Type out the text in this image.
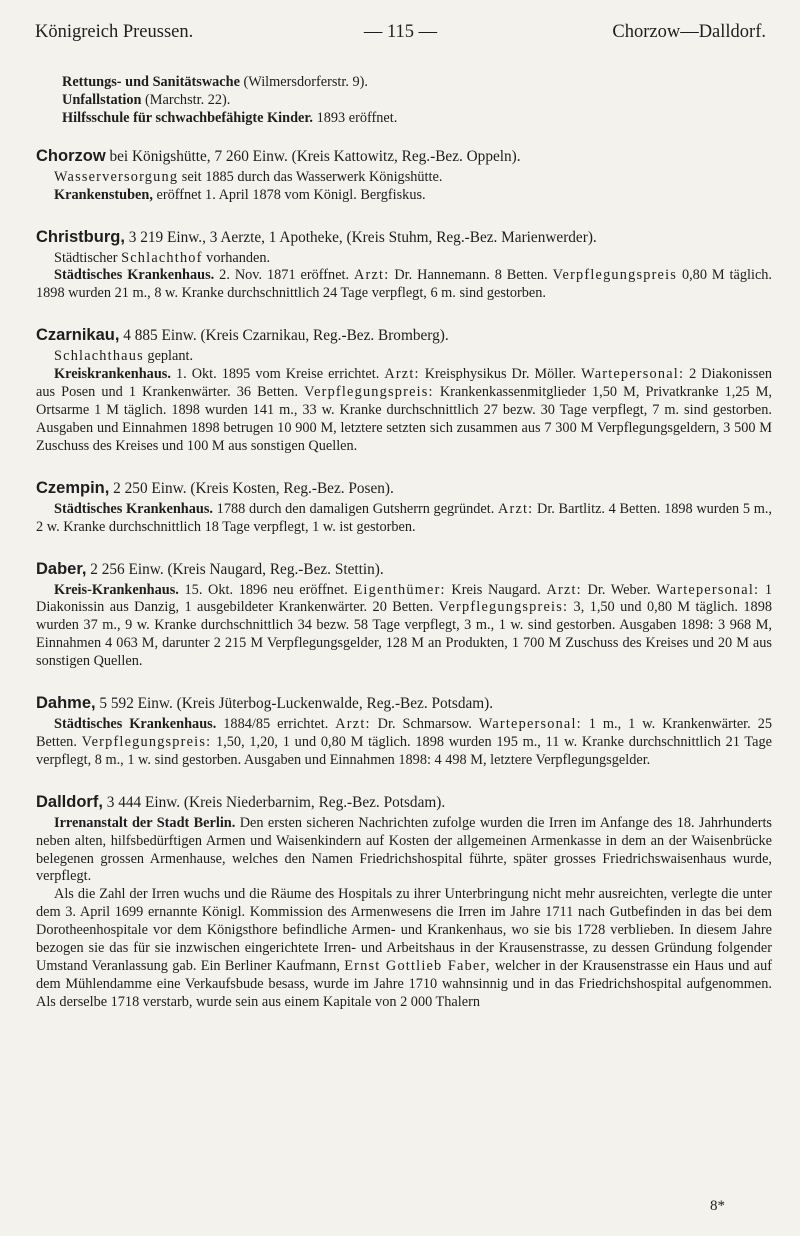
Königreich Preussen.	— 115 —	Chorzow—Dalldorf.

Rettungs- und Sanitätswache (Wilmersdorferstr. 9).

Unfallstation (Marchstr. 22).

Hilfsschule für schwachbefähigte Kinder. 1893 eröffnet.

Chorzow bei Königshütte, 7 260 Einw. (Kreis Kattowitz, Reg.-Bez. Oppeln).

Wasserversorgung seit 1885 durch das Wasserwerk Königshütte.

Krankenstuben, eröffnet 1. April 1878 vom Königl. Bergfiskus.

Christburg, 3 219 Einw., 3 Aerzte, 1 Apotheke, (Kreis Stuhm, Reg.-Bez. Marienwerder).

Städtischer Schlachthof vorhanden.

Städtisches Krankenhaus. 2. Nov. 1871 eröffnet. Arzt: Dr. Hannemann. 8 Betten. Verpflegungspreis 0,80 M täglich. 1898 wurden 21 m., 8 w. Kranke durchschnittlich 24 Tage verpflegt, 6 m. sind gestorben.

Czarnikau, 4 885 Einw. (Kreis Czarnikau, Reg.-Bez. Bromberg).

Schlachthaus geplant.

Kreiskrankenhaus. 1. Okt. 1895 vom Kreise errichtet. Arzt: Kreisphysikus Dr. Möller. Wartepersonal: 2 Diakonissen aus Posen und 1 Krankenwärter. 36 Betten. Verpflegungspreis: Krankenkassenmitglieder 1,50 M, Privatkranke 1,25 M, Ortsarme 1 M täglich. 1898 wurden 141 m., 33 w. Kranke durchschnittlich 27 bezw. 30 Tage verpflegt, 7 m. sind gestorben. Ausgaben und Einnahmen 1898 betrugen 10 900 M, letztere setzten sich zusammen aus 7 300 M Verpflegungsgeldern, 3 500 M Zuschuss des Kreises und 100 M aus sonstigen Quellen.

Czempin, 2 250 Einw. (Kreis Kosten, Reg.-Bez. Posen).

Städtisches Krankenhaus. 1788 durch den damaligen Gutsherrn gegründet. Arzt: Dr. Bartlitz. 4 Betten. 1898 wurden 5 m., 2 w. Kranke durchschnittlich 18 Tage verpflegt, 1 w. ist gestorben.

Daber, 2 256 Einw. (Kreis Naugard, Reg.-Bez. Stettin).

Kreis-Krankenhaus. 15. Okt. 1896 neu eröffnet. Eigenthümer: Kreis Naugard. Arzt: Dr. Weber. Wartepersonal: 1 Diakonissin aus Danzig, 1 ausgebildeter Krankenwärter. 20 Betten. Verpflegungspreis: 3, 1,50 und 0,80 M täglich. 1898 wurden 37 m., 9 w. Kranke durchschnittlich 34 bezw. 58 Tage verpflegt, 3 m., 1 w. sind gestorben. Ausgaben 1898: 3 968 M, Einnahmen 4 063 M, darunter 2 215 M Verpflegungsgelder, 128 M an Produkten, 1 700 M Zuschuss des Kreises und 20 M aus sonstigen Quellen.

Dahme, 5 592 Einw. (Kreis Jüterbog-Luckenwalde, Reg.-Bez. Potsdam).

Städtisches Krankenhaus. 1884/85 errichtet. Arzt: Dr. Schmarsow. Wartepersonal: 1 m., 1 w. Krankenwärter. 25 Betten. Verpflegungspreis: 1,50, 1,20, 1 und 0,80 M täglich. 1898 wurden 195 m., 11 w. Kranke durchschnittlich 21 Tage verpflegt, 8 m., 1 w. sind gestorben. Ausgaben und Einnahmen 1898: 4 498 M, letztere Verpflegungsgelder.

Dalldorf, 3 444 Einw. (Kreis Niederbarnim, Reg.-Bez. Potsdam).

Irrenanstalt der Stadt Berlin. Den ersten sicheren Nachrichten zufolge wurden die Irren im Anfange des 18. Jahrhunderts neben alten, hilfsbedürftigen Armen und Waisenkindern auf Kosten der allgemeinen Armenkasse in dem an der Waisenbrücke belegenen grossen Armenhause, welches den Namen Friedrichshospital führte, später grosses Friedrichswaisenhaus wurde, verpflegt.

Als die Zahl der Irren wuchs und die Räume des Hospitals zu ihrer Unterbringung nicht mehr ausreichten, verlegte die unter dem 3. April 1699 ernannte Königl. Kommission des Armenwesens die Irren im Jahre 1711 nach Gutbefinden in das bei dem Dorotheenhospitale vor dem Königsthore befindliche Armen- und Krankenhaus, wo sie bis 1728 verblieben. In diesem Jahre bezogen sie das für sie inzwischen eingerichtete Irren- und Arbeitshaus in der Krausenstrasse, zu dessen Gründung folgender Umstand Veranlassung gab. Ein Berliner Kaufmann, Ernst Gottlieb Faber, welcher in der Krausenstrasse ein Haus und auf dem Mühlendamme eine Verkaufsbude besass, wurde im Jahre 1710 wahnsinnig und in das Friedrichshospital aufgenommen. Als derselbe 1718 verstarb, wurde sein aus einem Kapitale von 2 000 Thalern

8*
